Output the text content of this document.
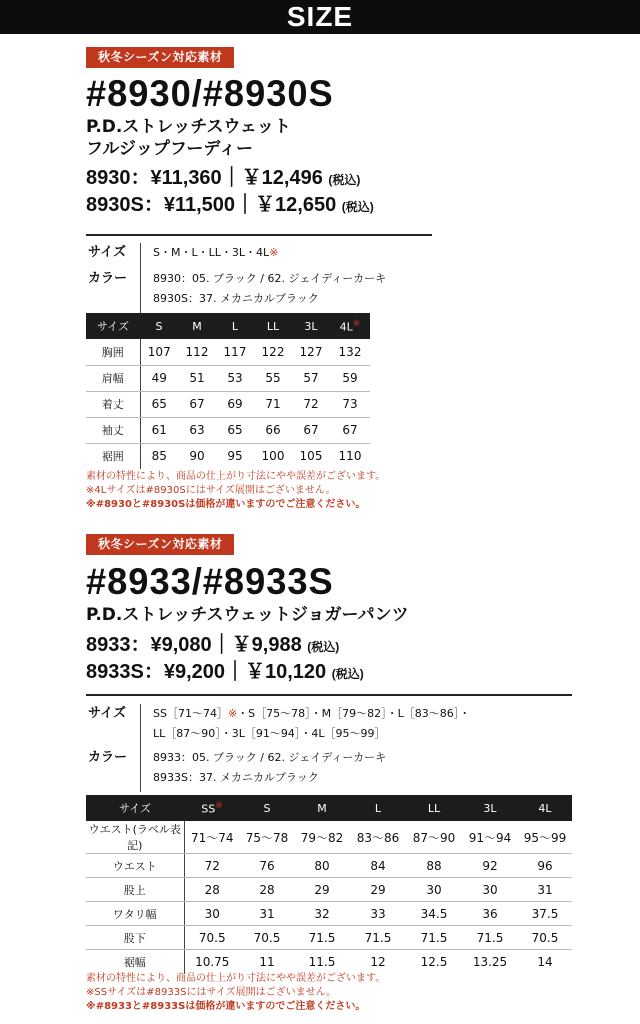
SIZE
秋冬シーズン対応素材
#8930/#8930S
P.D.ストレッチスウェット
フルジップフーディー
8930：¥11,360｜￥12,496 (税込)
8930S：¥11,500｜￥12,650 (税込)
サイズ	S・M・L・LL・3L・4L※
カラー	8930：05. ブラック / 62. ジェイディーカーキ
8930S：37. メカニカルブラック
サイズ	S	M	L	LL	3L	4L※
胸囲	107	112	117	122	127	132
肩幅	49	51	53	55	57	59
着丈	65	67	69	71	72	73
袖丈	61	63	65	66	67	67
裾囲	85	90	95	100	105	110
素材の特性により、商品の仕上がり寸法にやや誤差がございます。
※4Lサイズは#8930Sにはサイズ展開はございません。
※#8930と#8930Sは価格が違いますのでご注意ください。
秋冬シーズン対応素材
#8933/#8933S
P.D.ストレッチスウェットジョガーパンツ
8933：¥9,080｜￥9,988 (税込)
8933S：¥9,200｜￥10,120 (税込)
サイズ	SS［71〜74］※・S［75〜78］・M［79〜82］・L［83〜86］・
LL［87〜90］・3L［91〜94］・4L［95〜99］
カラー	8933：05. ブラック / 62. ジェイディーカーキ
8933S：37. メカニカルブラック
サイズ	SS※	S	M	L	LL	3L	4L
ウエスト(ラベル表記)	71〜74	75〜78	79〜82	83〜86	87〜90	91〜94	95〜99
ウエスト	72	76	80	84	88	92	96
股上	28	28	29	29	30	30	31
ワタリ幅	30	31	32	33	34.5	36	37.5
股下	70.5	70.5	71.5	71.5	71.5	71.5	70.5
裾幅	10.75	11	11.5	12	12.5	13.25	14
素材の特性により、商品の仕上がり寸法にやや誤差がございます。
※SSサイズは#8933Sにはサイズ展開はございません。
※#8933と#8933Sは価格が違いますのでご注意ください。
